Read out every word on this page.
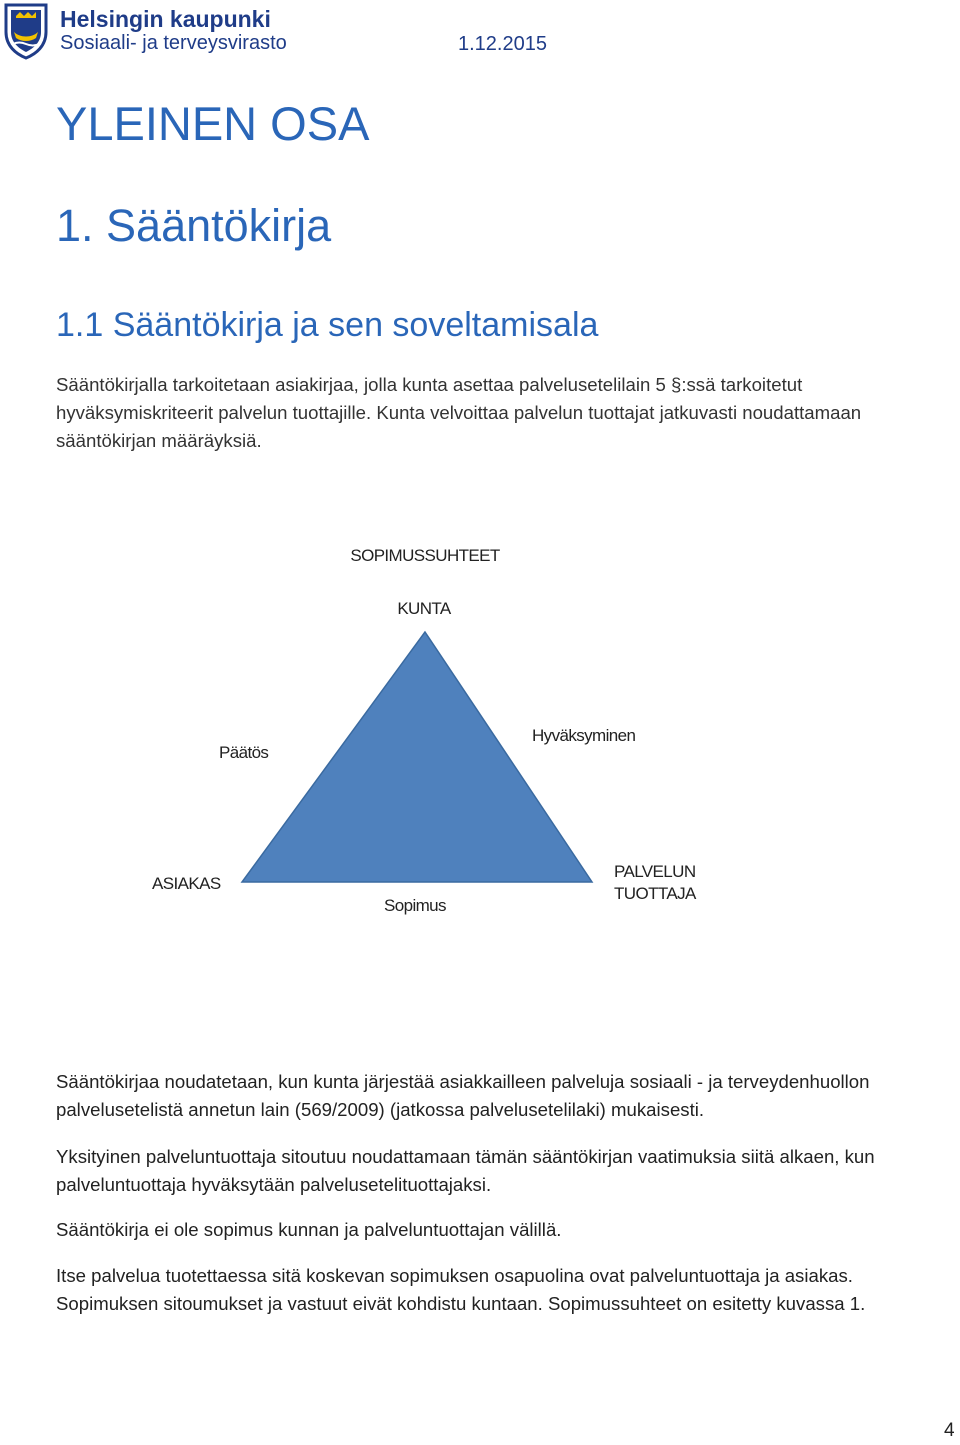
Helsingin kaupunki
Sosiaali- ja terveysvirasto	1.12.2015
YLEINEN OSA
1. Sääntökirja
1.1 Sääntökirja ja sen soveltamisala
Sääntökirjalla tarkoitetaan asiakirjaa, jolla kunta asettaa palvelusetelilain 5 §:ssä tarkoitetut hyväksymiskriteerit palvelun tuottajille. Kunta velvoittaa palvelun tuottajat jatkuvasti noudattamaan sääntökirjan määräyksiä.
SOPIMUSSUHTEET
KUNTA
Päätös
Hyväksyminen
ASIAKAS
Sopimus
PALVELUN
TUOTTAJA
Sääntökirjaa noudatetaan, kun kunta järjestää asiakkailleen palveluja sosiaali - ja terveydenhuollon palvelusetelistä annetun lain (569/2009) (jatkossa palvelusetelilaki) mukaisesti.
Yksityinen palveluntuottaja sitoutuu noudattamaan tämän sääntökirjan vaatimuksia siitä alkaen, kun palveluntuottaja hyväksytään palvelusetelituottajaksi.
Sääntökirja ei ole sopimus kunnan ja palveluntuottajan välillä.
Itse palvelua tuotettaessa sitä koskevan sopimuksen osapuolina ovat palveluntuottaja ja asiakas. Sopimuksen sitoumukset ja vastuut eivät kohdistu kuntaan. Sopimussuhteet on esitetty kuvassa 1.
4
